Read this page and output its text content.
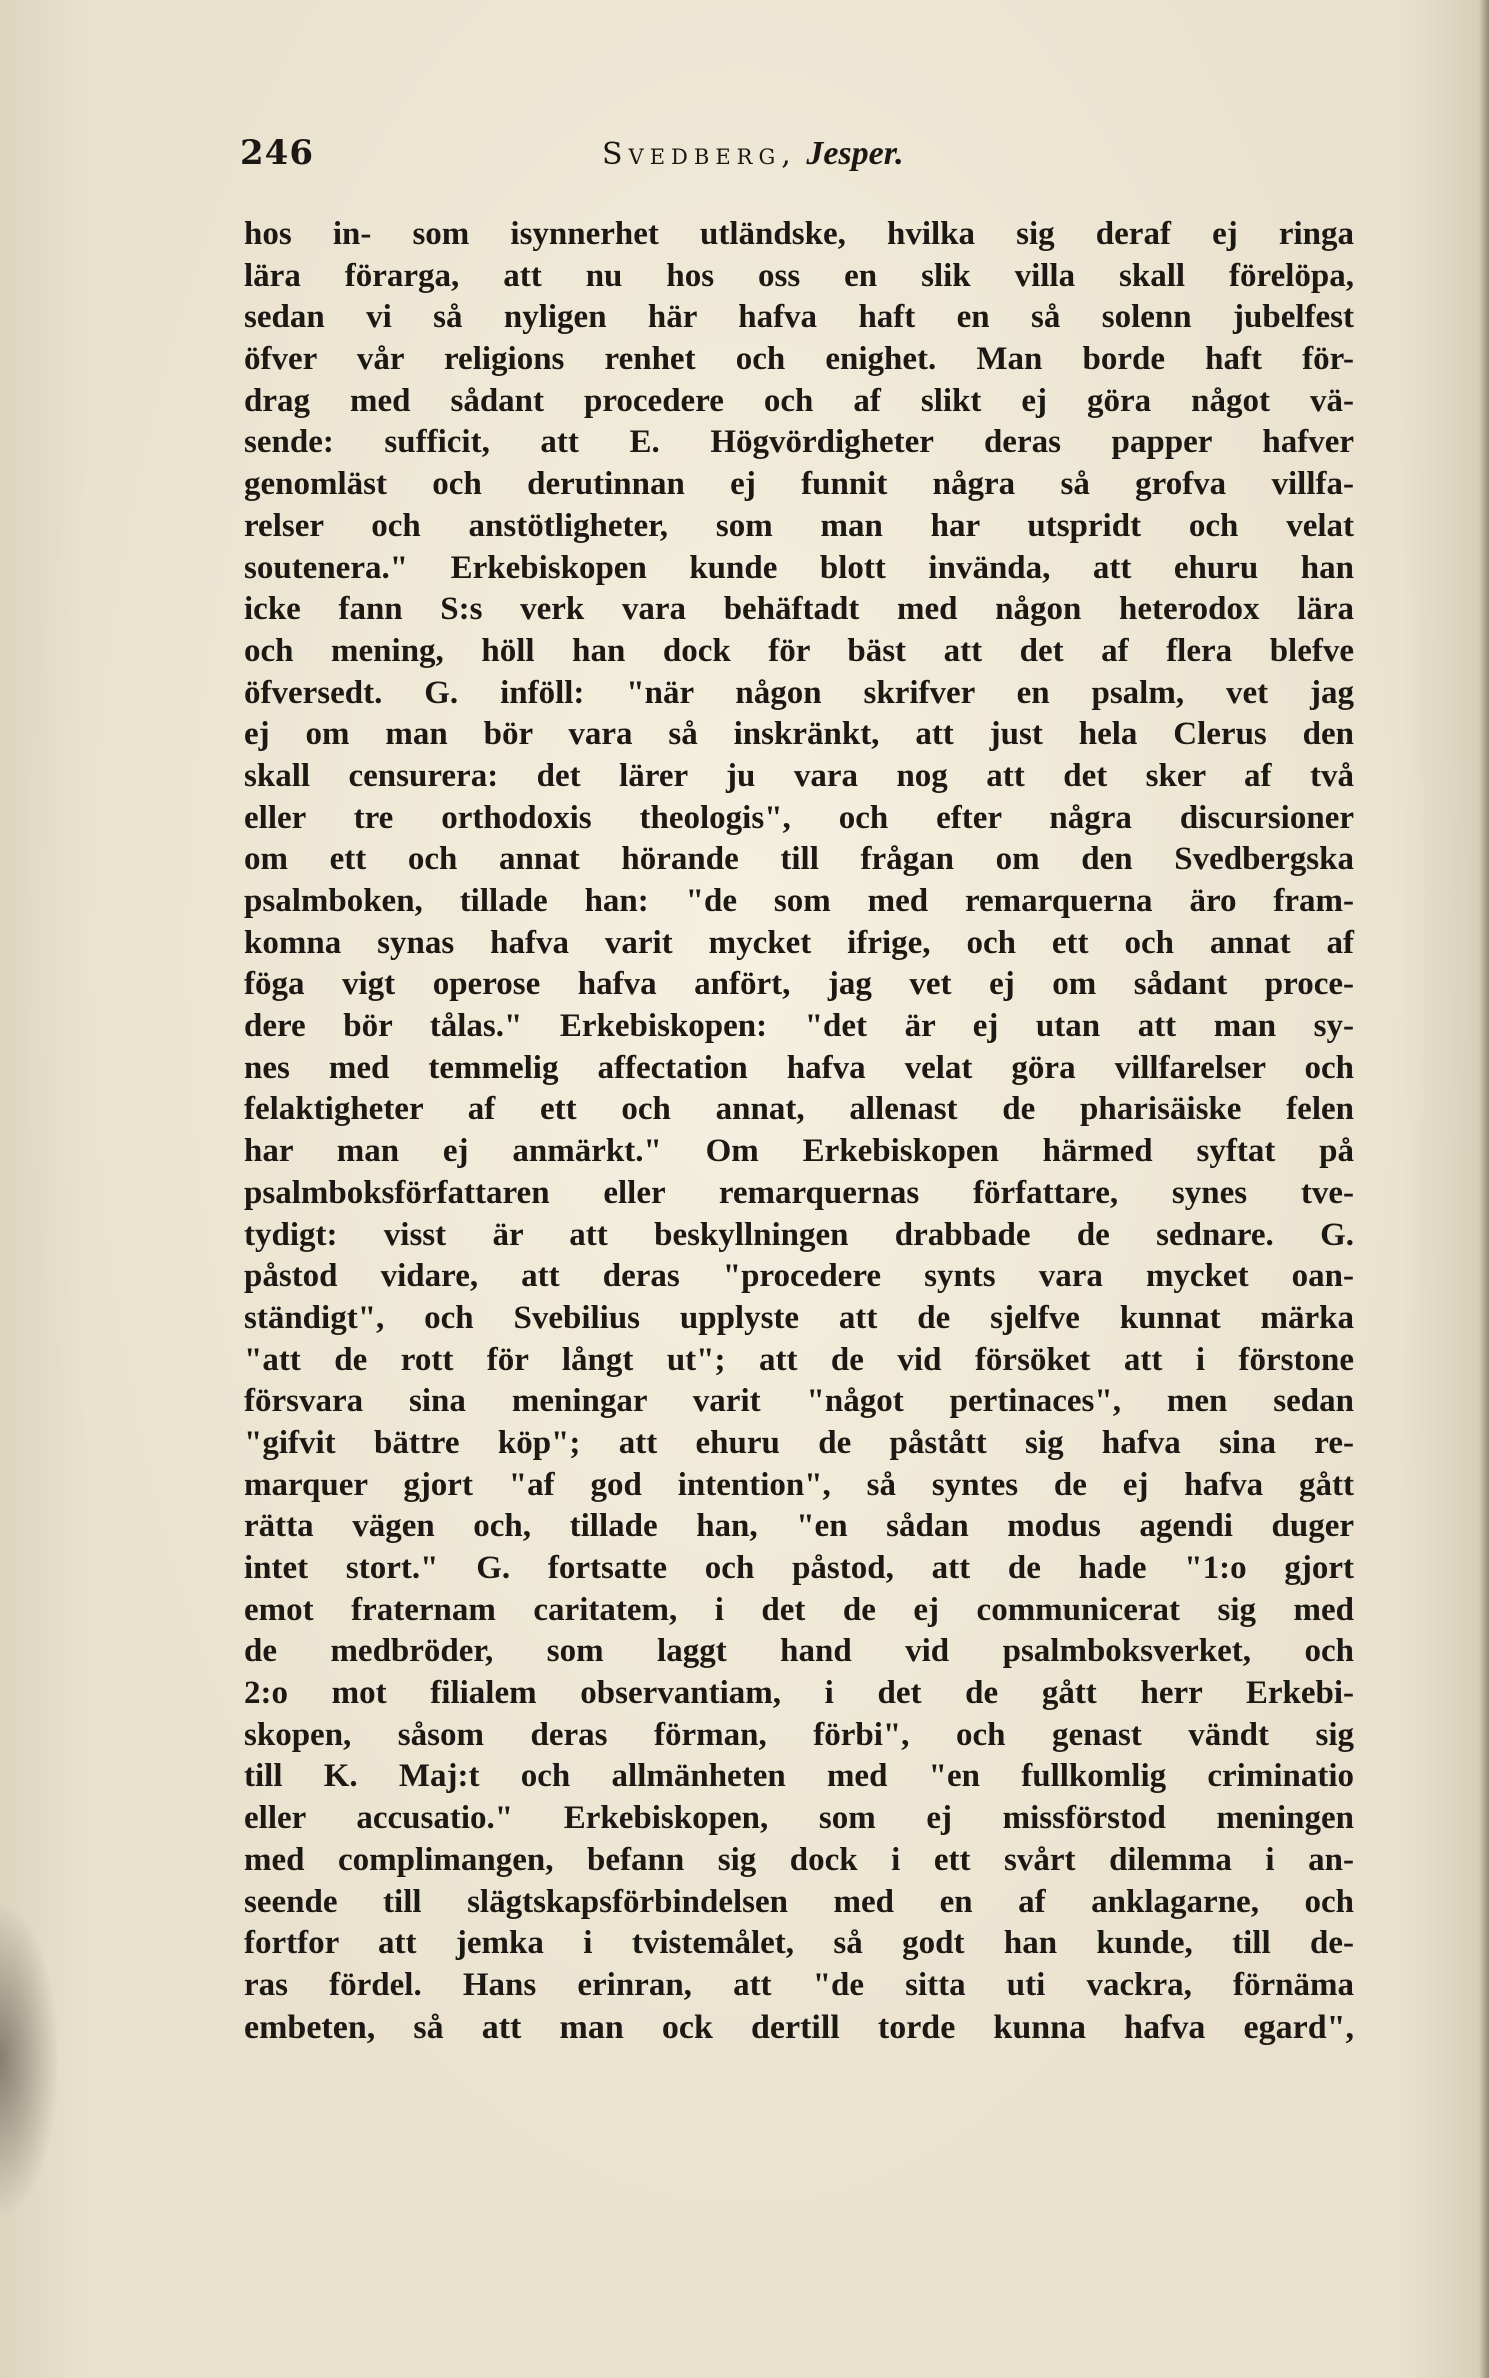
246	Svedberg, Jesper.
hos in- som isynnerhet utländske, hvilka sig deraf ej ringa
lära förarga, att nu hos oss en slik villa skall förelöpa,
sedan vi så nyligen här hafva haft en så solenn jubelfest
öfver vår religions renhet och enighet. Man borde haft för-
drag med sådant procedere och af slikt ej göra något vä-
sende: sufficit, att E. Högvördigheter deras papper hafver
genomläst och derutinnan ej funnit några så grofva villfa-
relser och anstötligheter, som man har utspridt och velat
soutenera." Erkebiskopen kunde blott invända, att ehuru han
icke fann S:s verk vara behäftadt med någon heterodox lära
och mening, höll han dock för bäst att det af flera blefve
öfversedt. G. inföll: "när någon skrifver en psalm, vet jag
ej om man bör vara så inskränkt, att just hela Clerus den
skall censurera: det lärer ju vara nog att det sker af två
eller tre orthodoxis theologis", och efter några discursioner
om ett och annat hörande till frågan om den Svedbergska
psalmboken, tillade han: "de som med remarquerna äro fram-
komna synas hafva varit mycket ifrige, och ett och annat af
föga vigt operose hafva anfört, jag vet ej om sådant proce-
dere bör tålas." Erkebiskopen: "det är ej utan att man sy-
nes med temmelig affectation hafva velat göra villfarelser och
felaktigheter af ett och annat, allenast de pharisäiske felen
har man ej anmärkt." Om Erkebiskopen härmed syftat på
psalmboksförfattaren eller remarquernas författare, synes tve-
tydigt: visst är att beskyllningen drabbade de sednare. G.
påstod vidare, att deras "procedere synts vara mycket oan-
ständigt", och Svebilius upplyste att de sjelfve kunnat märka
"att de rott för långt ut"; att de vid försöket att i förstone
försvara sina meningar varit "något pertinaces", men sedan
"gifvit bättre köp"; att ehuru de påstått sig hafva sina re-
marquer gjort "af god intention", så syntes de ej hafva gått
rätta vägen och, tillade han, "en sådan modus agendi duger
intet stort." G. fortsatte och påstod, att de hade "1:o gjort
emot fraternam caritatem, i det de ej communicerat sig med
de medbröder, som laggt hand vid psalmboksverket, och
2:o mot filialem observantiam, i det de gått herr Erkebi-
skopen, såsom deras förman, förbi", och genast vändt sig
till K. Maj:t och allmänheten med "en fullkomlig criminatio
eller accusatio." Erkebiskopen, som ej missförstod meningen
med complimangen, befann sig dock i ett svårt dilemma i an-
seende till slägtskapsförbindelsen med en af anklagarne, och
fortfor att jemka i tvistemålet, så godt han kunde, till de-
ras fördel. Hans erinran, att "de sitta uti vackra, förnäma
embeten, så att man ock dertill torde kunna hafva egard",
